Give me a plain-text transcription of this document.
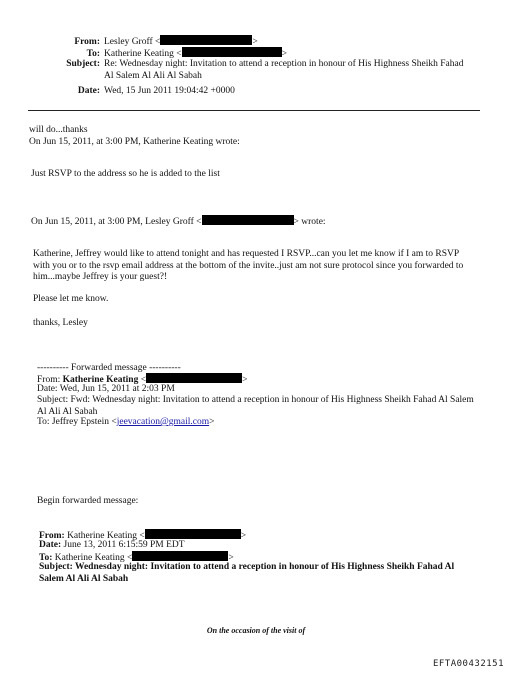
From: Lesley Groff <	>
To: Katherine Keating <	>
Subject: Re: Wednesday night: Invitation to attend a reception in honour of His Highness Sheikh Fahad Al Salem Al Ali Al Sabah
Date: Wed, 15 Jun 2011 19:04:42 +0000
will do...thanks
On Jun 15, 2011, at 3:00 PM, Katherine Keating wrote:
Just RSVP to the address so he is added to the list
On Jun 15, 2011, at 3:00 PM, Lesley Groff <	> wrote:
Katherine, Jeffrey would like to attend tonight and has requested I RSVP...can you let me know if I am to RSVP with you or to the rsvp email address at the bottom of the invite..just am not sure protocol since you forwarded to him...maybe Jeffrey is your guest?!
Please let me know.
thanks, Lesley
---------- Forwarded message ----------
From: Katherine Keating <	>
Date: Wed, Jun 15, 2011 at 2:03 PM
Subject: Fwd: Wednesday night: Invitation to attend a reception in honour of His Highness Sheikh Fahad Al Salem Al Ali Al Sabah
To: Jeffrey Epstein <jeevacation@gmail.com>
Begin forwarded message:
From: Katherine Keating <	>
Date: June 13, 2011 6:15:59 PM EDT
To: Katherine Keating <	>
Subject: Wednesday night: Invitation to attend a reception in honour of His Highness Sheikh Fahad Al Salem Al Ali Al Sabah
On the occasion of the visit of
EFTA00432151
